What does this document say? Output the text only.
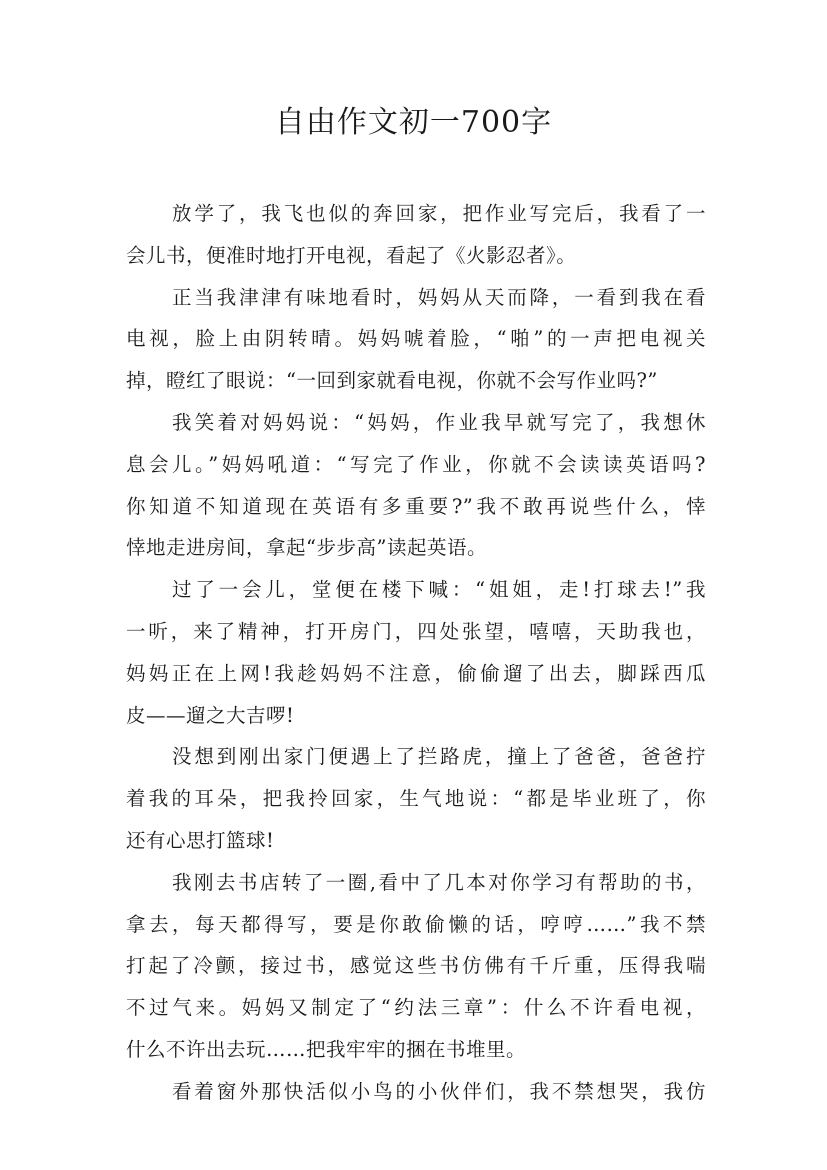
自由作文初一700字
放学了，我飞也似的奔回家，把作业写完后，我看了一
会儿书，便准时地打开电视，看起了《火影忍者》。
正当我津津有味地看时，妈妈从天而降，一看到我在看
电视，脸上由阴转晴。妈妈唬着脸，“啪”的一声把电视关
掉，瞪红了眼说：“一回到家就看电视，你就不会写作业吗?”
我笑着对妈妈说：“妈妈，作业我早就写完了，我想休
息会儿。”妈妈吼道：“写完了作业，你就不会读读英语吗?
你知道不知道现在英语有多重要?”我不敢再说些什么，悻
悻地走进房间，拿起“步步高”读起英语。
过了一会儿，堂便在楼下喊：“姐姐，走!打球去!”我
一听，来了精神，打开房门，四处张望，嘻嘻，天助我也，
妈妈正在上网!我趁妈妈不注意，偷偷遛了出去，脚踩西瓜
皮——遛之大吉啰!
没想到刚出家门便遇上了拦路虎，撞上了爸爸，爸爸拧
着我的耳朵，把我拎回家，生气地说：“都是毕业班了，你
还有心思打篮球!
我刚去书店转了一圈,看中了几本对你学习有帮助的书，
拿去，每天都得写，要是你敢偷懒的话，哼哼……”我不禁
打起了冷颤，接过书，感觉这些书仿佛有千斤重，压得我喘
不过气来。妈妈又制定了“约法三章”：什么不许看电视，
什么不许出去玩……把我牢牢的捆在书堆里。
看着窗外那快活似小鸟的小伙伴们，我不禁想哭，我仿
